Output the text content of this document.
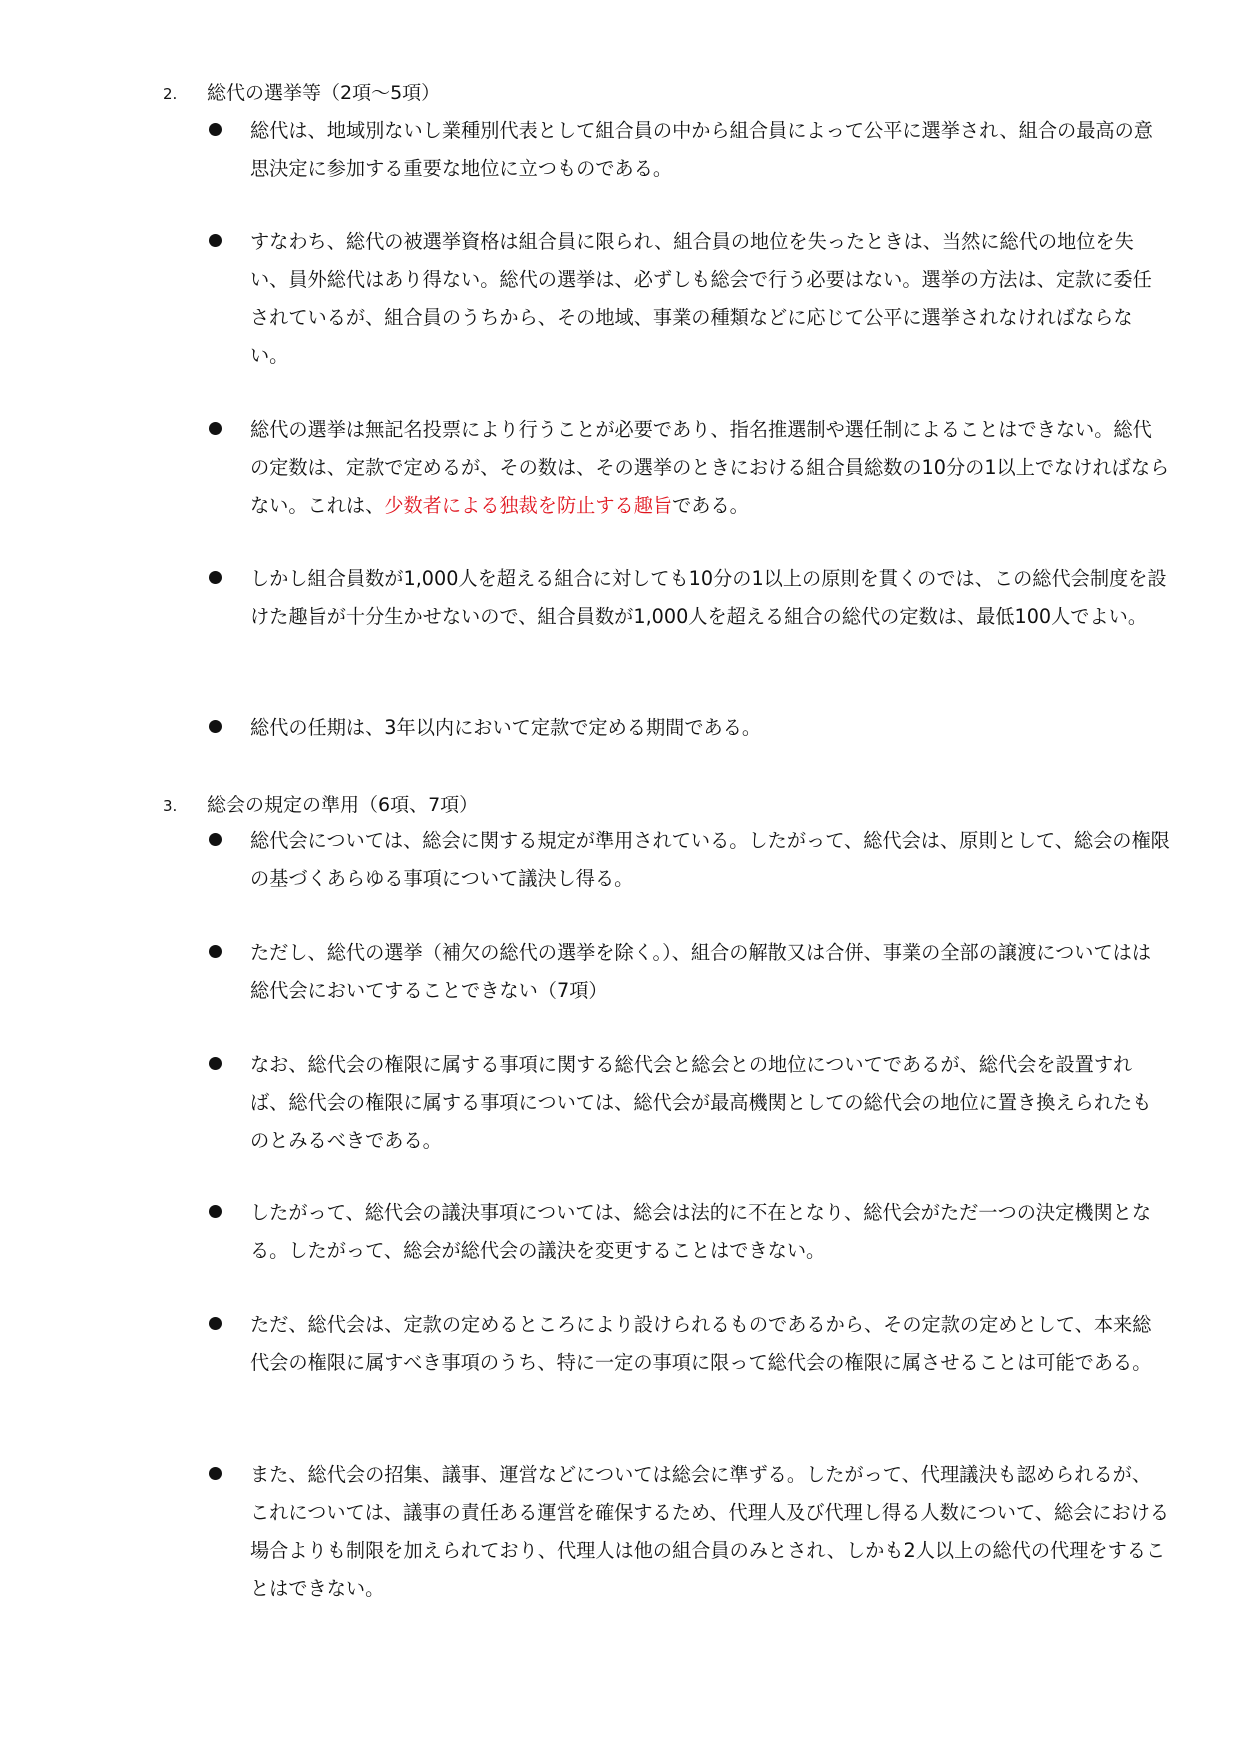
2. 総代の選挙等（2項～5項）
総代は、地域別ないし業種別代表として組合員の中から組合員によって公平に選挙され、組合の最高の意思決定に参加する重要な地位に立つものである。
すなわち、総代の被選挙資格は組合員に限られ、組合員の地位を失ったときは、当然に総代の地位を失い、員外総代はあり得ない。総代の選挙は、必ずしも総会で行う必要はない。選挙の方法は、定款に委任されているが、組合員のうちから、その地域、事業の種類などに応じて公平に選挙されなければならない。
総代の選挙は無記名投票により行うことが必要であり、指名推選制や選任制によることはできない。総代の定数は、定款で定めるが、その数は、その選挙のときにおける組合員総数の10分の1以上でなければならない。これは、少数者による独裁を防止する趣旨である。
しかし組合員数が1,000人を超える組合に対しても10分の1以上の原則を貫くのでは、この総代会制度を設けた趣旨が十分生かせないので、組合員数が1,000人を超える組合の総代の定数は、最低100人でよい。
総代の任期は、3年以内において定款で定める期間である。
3. 総会の規定の準用（6項、7項）
総代会については、総会に関する規定が準用されている。したがって、総代会は、原則として、総会の権限の基づくあらゆる事項について議決し得る。
ただし、総代の選挙（補欠の総代の選挙を除く。）、組合の解散又は合併、事業の全部の譲渡についてはは総代会においてすることできない（7項）
なお、総代会の権限に属する事項に関する総代会と総会との地位についてであるが、総代会を設置すれば、総代会の権限に属する事項については、総代会が最高機関としての総代会の地位に置き換えられたものとみるべきである。
したがって、総代会の議決事項については、総会は法的に不在となり、総代会がただ一つの決定機関となる。したがって、総会が総代会の議決を変更することはできない。
ただ、総代会は、定款の定めるところにより設けられるものであるから、その定款の定めとして、本来総代会の権限に属すべき事項のうち、特に一定の事項に限って総代会の権限に属させることは可能である。
また、総代会の招集、議事、運営などについては総会に準ずる。したがって、代理議決も認められるが、これについては、議事の責任ある運営を確保するため、代理人及び代理し得る人数について、総会における場合よりも制限を加えられており、代理人は他の組合員のみとされ、しかも2人以上の総代の代理をすることはできない。
